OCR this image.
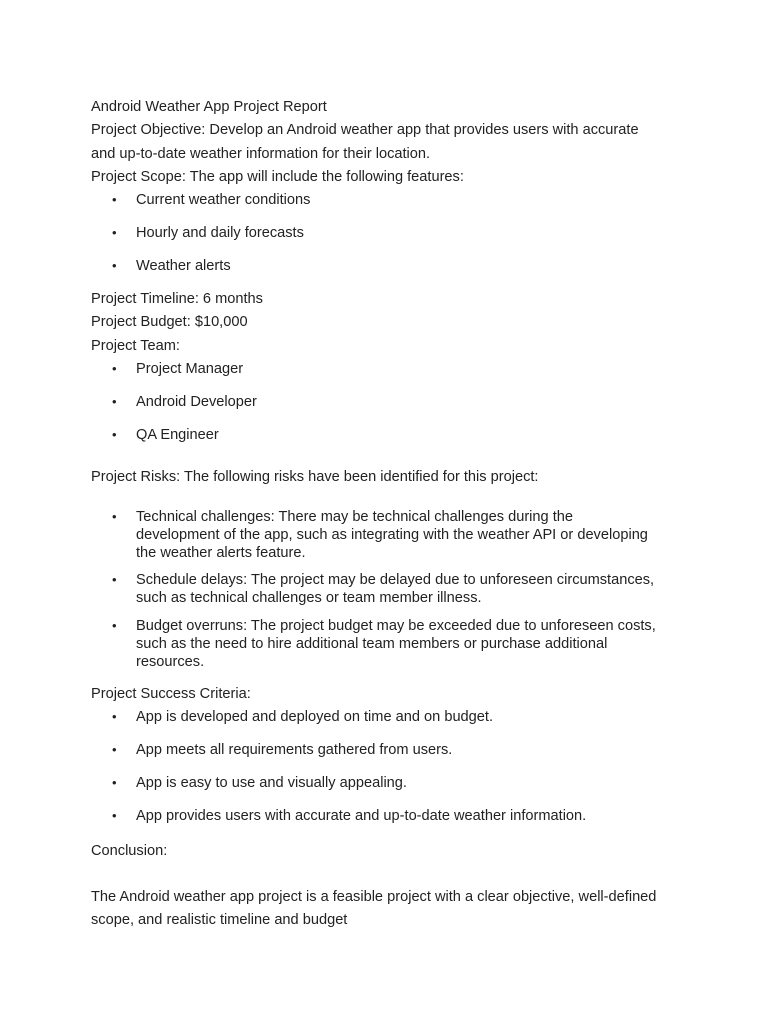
Android Weather App Project Report
Project Objective: Develop an Android weather app that provides users with accurate
and up-to-date weather information for their location.
Project Scope: The app will include the following features:
•	Current weather conditions
•	Hourly and daily forecasts
•	Weather alerts
Project Timeline: 6 months
Project Budget: $10,000
Project Team:
•	Project Manager
•	Android Developer
•	QA Engineer
Project Risks: The following risks have been identified for this project:
•	Technical challenges: There may be technical challenges during the
development of the app, such as integrating with the weather API or developing
the weather alerts feature.
•	Schedule delays: The project may be delayed due to unforeseen circumstances,
such as technical challenges or team member illness.
•	Budget overruns: The project budget may be exceeded due to unforeseen costs,
such as the need to hire additional team members or purchase additional
resources.
Project Success Criteria:
•	App is developed and deployed on time and on budget.
•	App meets all requirements gathered from users.
•	App is easy to use and visually appealing.
•	App provides users with accurate and up-to-date weather information.
Conclusion:
The Android weather app project is a feasible project with a clear objective, well-defined
scope, and realistic timeline and budget
